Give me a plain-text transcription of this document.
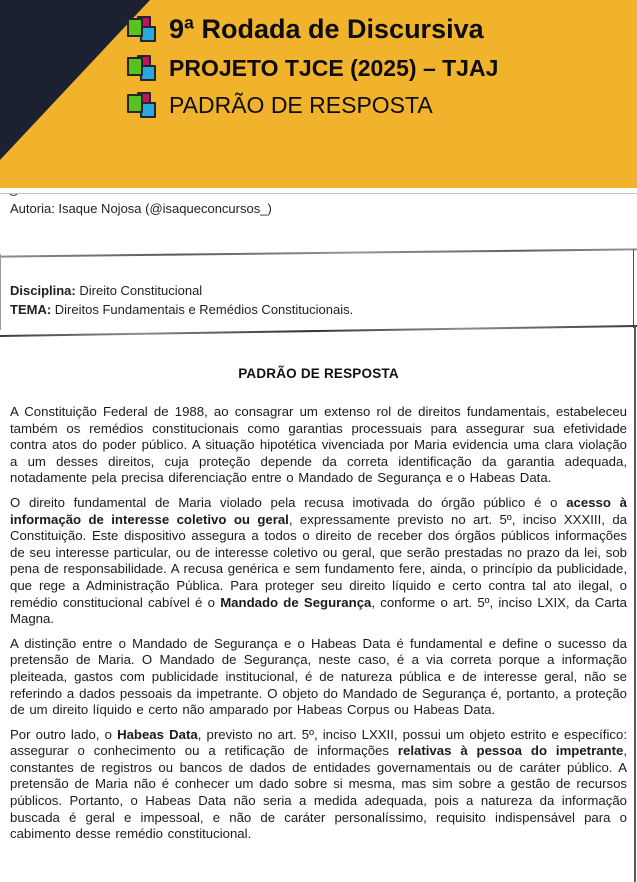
9ª Rodada de Discursiva
PROJETO TJCE (2025) – TJAJ
PADRÃO DE RESPOSTA
Autoria: Isaque Nojosa (@isaqueconcursos_)
Disciplina: Direito Constitucional
TEMA: Direitos Fundamentais e Remédios Constitucionais.
PADRÃO DE RESPOSTA

A Constituição Federal de 1988, ao consagrar um extenso rol de direitos fundamentais, estabeleceu também os remédios constitucionais como garantias processuais para assegurar sua efetividade contra atos do poder público. A situação hipotética vivenciada por Maria evidencia uma clara violação a um desses direitos, cuja proteção depende da correta identificação da garantia adequada, notadamente pela precisa diferenciação entre o Mandado de Segurança e o Habeas Data.

O direito fundamental de Maria violado pela recusa imotivada do órgão público é o acesso à informação de interesse coletivo ou geral, expressamente previsto no art. 5º, inciso XXXIII, da Constituição. Este dispositivo assegura a todos o direito de receber dos órgãos públicos informações de seu interesse particular, ou de interesse coletivo ou geral, que serão prestadas no prazo da lei, sob pena de responsabilidade. A recusa genérica e sem fundamento fere, ainda, o princípio da publicidade, que rege a Administração Pública. Para proteger seu direito líquido e certo contra tal ato ilegal, o remédio constitucional cabível é o Mandado de Segurança, conforme o art. 5º, inciso LXIX, da Carta Magna.

A distinção entre o Mandado de Segurança e o Habeas Data é fundamental e define o sucesso da pretensão de Maria. O Mandado de Segurança, neste caso, é a via correta porque a informação pleiteada, gastos com publicidade institucional, é de natureza pública e de interesse geral, não se referindo a dados pessoais da impetrante. O objeto do Mandado de Segurança é, portanto, a proteção de um direito líquido e certo não amparado por Habeas Corpus ou Habeas Data.

Por outro lado, o Habeas Data, previsto no art. 5º, inciso LXXII, possui um objeto estrito e específico: assegurar o conhecimento ou a retificação de informações relativas à pessoa do impetrante, constantes de registros ou bancos de dados de entidades governamentais ou de caráter público. A pretensão de Maria não é conhecer um dado sobre si mesma, mas sim sobre a gestão de recursos públicos. Portanto, o Habeas Data não seria a medida adequada, pois a natureza da informação buscada é geral e impessoal, e não de caráter personalíssimo, requisito indispensável para o cabimento desse remédio constitucional.
